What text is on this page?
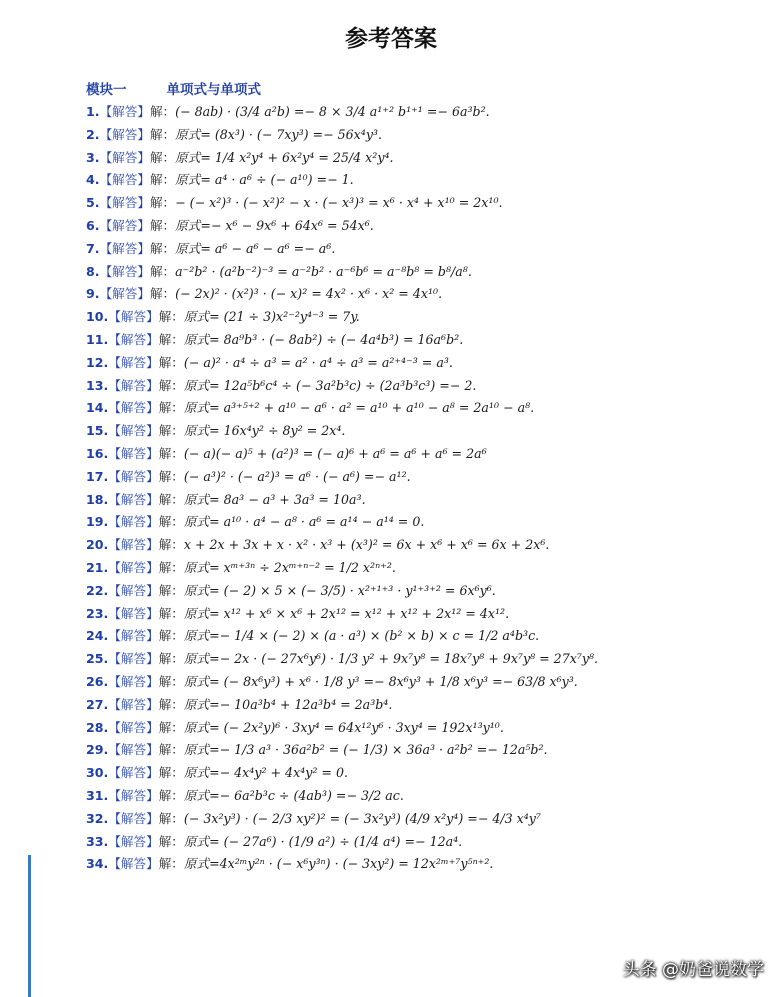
参考答案
模块一	单项式与单项式
1.【解答】解：(− 8ab) · (3/4 a²b) =− 8 × 3/4 a¹⁺² b¹⁺¹ =− 6a³b².
2.【解答】解：原式= (8x³) · (− 7xy³) =− 56x⁴y³.
3.【解答】解：原式= 1/4 x²y⁴ + 6x²y⁴ = 25/4 x²y⁴.
4.【解答】解：原式= a⁴ · a⁶ ÷ (− a¹⁰) =− 1.
5.【解答】解：− (− x²)³ · (− x²)² − x · (− x³)³ = x⁶ · x⁴ + x¹⁰ = 2x¹⁰.
6.【解答】解：原式=− x⁶ − 9x⁶ + 64x⁶ = 54x⁶.
7.【解答】解：原式= a⁶ − a⁶ − a⁶ =− a⁶.
8.【解答】解：a⁻²b² · (a²b⁻²)⁻³ = a⁻²b² · a⁻⁶b⁶ = a⁻⁸b⁸ = b⁸/a⁸.
9.【解答】解：(− 2x)² · (x²)³ · (− x)² = 4x² · x⁶ · x² = 4x¹⁰.
10.【解答】解：原式= (21 ÷ 3)x²⁻²y⁴⁻³ = 7y.
11.【解答】解：原式= 8a⁹b³ · (− 8ab²) ÷ (− 4a⁴b³) = 16a⁶b².
12.【解答】解：(− a)² · a⁴ ÷ a³ = a² · a⁴ ÷ a³ = a²⁺⁴⁻³ = a³.
13.【解答】解：原式= 12a⁵b⁶c⁴ ÷ (− 3a²b³c) ÷ (2a³b³c³) =− 2.
14.【解答】解：原式= a³⁺⁵⁺² + a¹⁰ − a⁶ · a² = a¹⁰ + a¹⁰ − a⁸ = 2a¹⁰ − a⁸.
15.【解答】解：原式= 16x⁴y² ÷ 8y² = 2x⁴.
16.【解答】解：(− a)(− a)⁵ + (a²)³ = (− a)⁶ + a⁶ = a⁶ + a⁶ = 2a⁶
17.【解答】解：(− a³)² · (− a²)³ = a⁶ · (− a⁶) =− a¹².
18.【解答】解：原式= 8a³ − a³ + 3a³ = 10a³.
19.【解答】解：原式= a¹⁰ · a⁴ − a⁸ · a⁶ = a¹⁴ − a¹⁴ = 0.
20.【解答】解：x + 2x + 3x + x · x² · x³ + (x³)² = 6x + x⁶ + x⁶ = 6x + 2x⁶.
21.【解答】解：原式= xᵐ⁺³ⁿ ÷ 2xᵐ⁺ⁿ⁻² = 1/2 x²ⁿ⁺².
22.【解答】解：原式= (− 2) × 5 × (− 3/5) · x²⁺¹⁺³ · y¹⁺³⁺² = 6x⁶y⁶.
23.【解答】解：原式= x¹² + x⁶ × x⁶ + 2x¹² = x¹² + x¹² + 2x¹² = 4x¹².
24.【解答】解：原式=− 1/4 × (− 2) × (a · a³) × (b² × b) × c = 1/2 a⁴b³c.
25.【解答】解：原式=− 2x · (− 27x⁶y⁶) · 1/3 y² + 9x⁷y⁸ = 18x⁷y⁸ + 9x⁷y⁸ = 27x⁷y⁸.
26.【解答】解：原式= (− 8x⁶y³) + x⁶ · 1/8 y³ =− 8x⁶y³ + 1/8 x⁶y³ =− 63/8 x⁶y³.
27.【解答】解：原式=− 10a³b⁴ + 12a³b⁴ = 2a³b⁴.
28.【解答】解：原式= (− 2x²y)⁶ · 3xy⁴ = 64x¹²y⁶ · 3xy⁴ = 192x¹³y¹⁰.
29.【解答】解：原式=− 1/3 a³ · 36a²b² = (− 1/3) × 36a³ · a²b² =− 12a⁵b².
30.【解答】解：原式=− 4x⁴y² + 4x⁴y² = 0.
31.【解答】解：原式=− 6a²b³c ÷ (4ab³) =− 3/2 ac.
32.【解答】解：(− 3x²y³) · (− 2/3 xy²)² = (− 3x²y³) (4/9 x²y⁴) =− 4/3 x⁴y⁷
33.【解答】解：原式= (− 27a⁶) · (1/9 a²) ÷ (1/4 a⁴) =− 12a⁴.
34.【解答】解：原式=4x²ᵐy²ⁿ · (− x⁶y³ⁿ) · (− 3xy²) = 12x²ᵐ⁺⁷y⁵ⁿ⁺².
头条 @奶爸说数学
